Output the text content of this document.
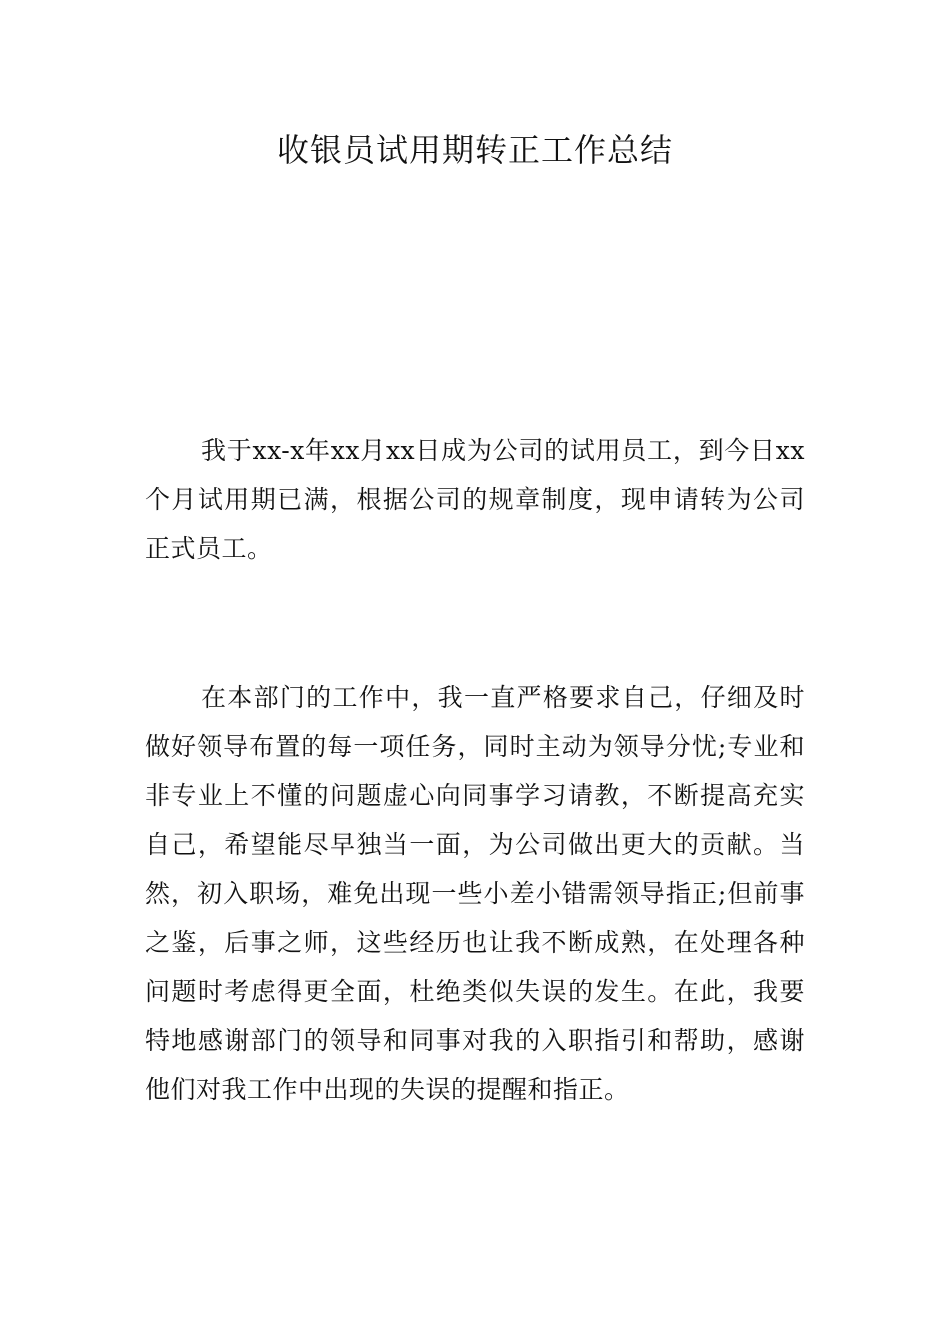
收银员试用期转正工作总结

我于xx-x年xx月xx日成为公司的试用员工，到今日xx个月试用期已满，根据公司的规章制度，现申请转为公司正式员工。

在本部门的工作中，我一直严格要求自己，仔细及时做好领导布置的每一项任务，同时主动为领导分忧;专业和非专业上不懂的问题虚心向同事学习请教，不断提高充实自己，希望能尽早独当一面，为公司做出更大的贡献。当然，初入职场，难免出现一些小差小错需领导指正;但前事之鉴，后事之师，这些经历也让我不断成熟，在处理各种问题时考虑得更全面，杜绝类似失误的发生。在此，我要特地感谢部门的领导和同事对我的入职指引和帮助，感谢他们对我工作中出现的失误的提醒和指正。
